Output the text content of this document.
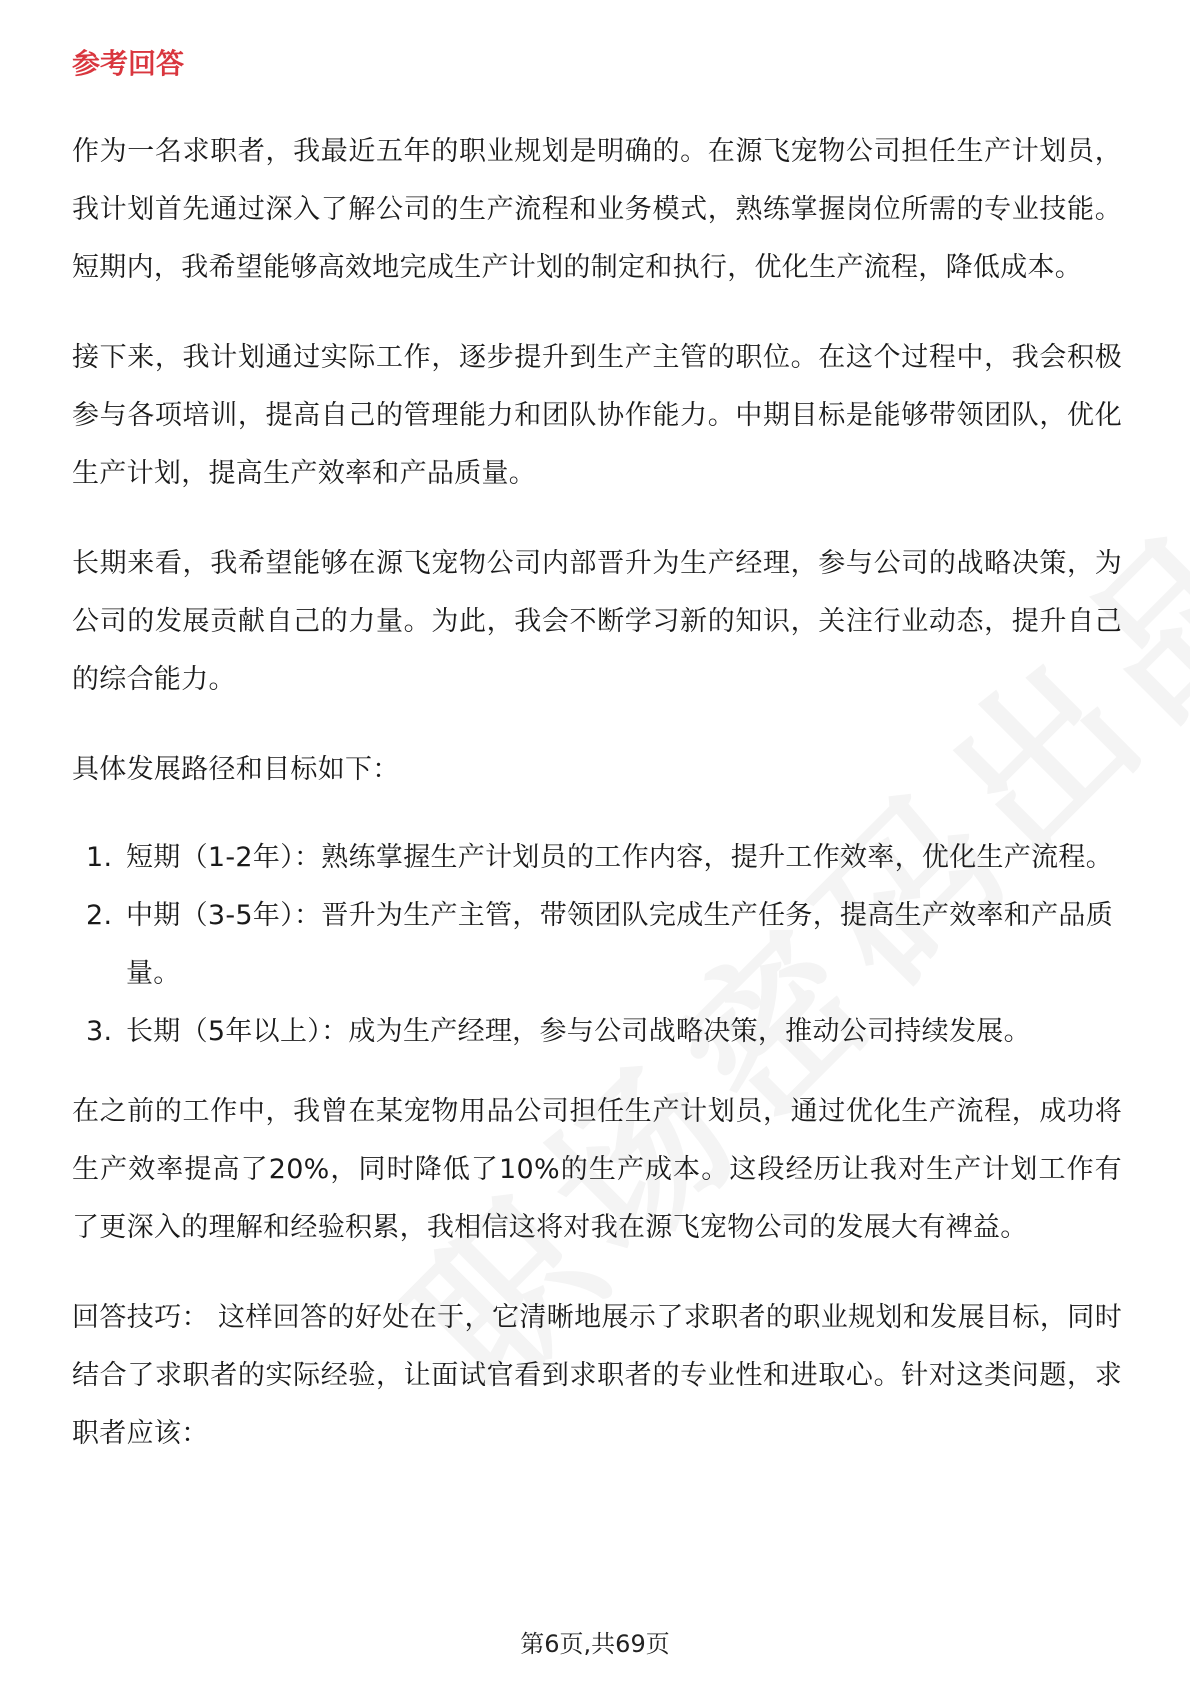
参考回答

作为一名求职者，我最近五年的职业规划是明确的。在源飞宠物公司担任生产计划员，我计划首先通过深入了解公司的生产流程和业务模式，熟练掌握岗位所需的专业技能。短期内，我希望能够高效地完成生产计划的制定和执行，优化生产流程，降低成本。

接下来，我计划通过实际工作，逐步提升到生产主管的职位。在这个过程中，我会积极参与各项培训，提高自己的管理能力和团队协作能力。中期目标是能够带领团队，优化生产计划，提高生产效率和产品质量。

长期来看，我希望能够在源飞宠物公司内部晋升为生产经理，参与公司的战略决策，为公司的发展贡献自己的力量。为此，我会不断学习新的知识，关注行业动态，提升自己的综合能力。

具体发展路径和目标如下：

1. 短期（1-2年）：熟练掌握生产计划员的工作内容，提升工作效率，优化生产流程。
2. 中期（3-5年）：晋升为生产主管，带领团队完成生产任务，提高生产效率和产品质量。
3. 长期（5年以上）：成为生产经理，参与公司战略决策，推动公司持续发展。

在之前的工作中，我曾在某宠物用品公司担任生产计划员，通过优化生产流程，成功将生产效率提高了20%，同时降低了10%的生产成本。这段经历让我对生产计划工作有了更深入的理解和经验积累，我相信这将对我在源飞宠物公司的发展大有裨益。

回答技巧： 这样回答的好处在于，它清晰地展示了求职者的职业规划和发展目标，同时结合了求职者的实际经验，让面试官看到求职者的专业性和进取心。针对这类问题，求职者应该：

第6页,共69页
